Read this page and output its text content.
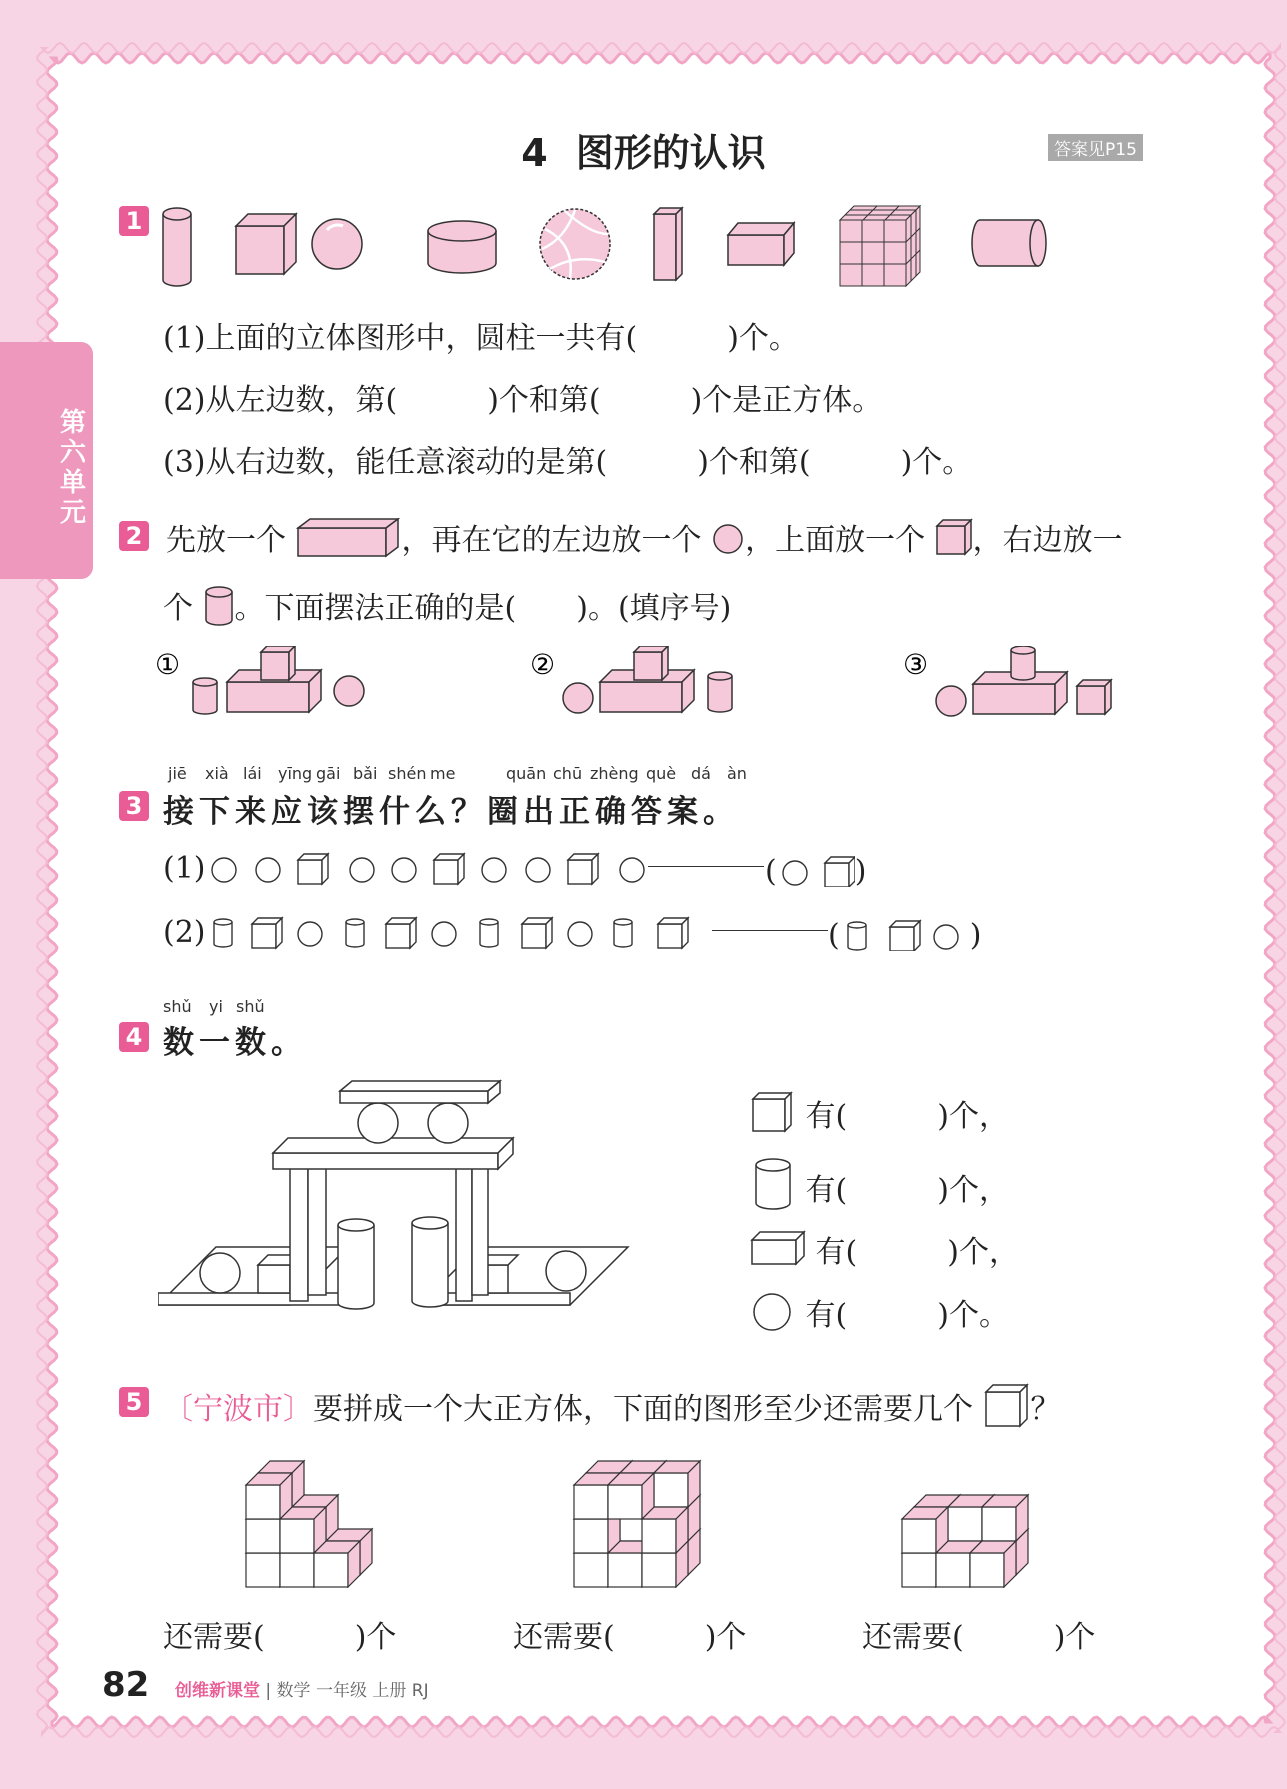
第六单元
4 图形的认识	答案见P15
1
(1)上面的立体图形中，圆柱一共有(　　　)个。
(2)从左边数，第(　　　)个和第(　　　)个是正方体。
(3)从右边数，能任意滚动的是第(　　　)个和第(　　　)个。
2 先放一个	，再在它的左边放一个 ，上面放一个 ，右边放一
个 。下面摆法正确的是(　　)。(填序号)
①	②	③
jiē xià lái yīng gāi bǎi shén me	quān chū zhèng què dá àn
3 接下来应该摆什么？圈出正确答案。
(1)	(	)
(2)	(	)
shǔ yi shǔ
4 数一数。
有(　　　)个，
有(　　　)个，
有(　　　)个，
有(　　　)个。
5 〔宁波市〕要拼成一个大正方体，下面的图形至少还需要几个 ？
还需要(　　　)个	还需要(　　　)个	还需要(　　　)个
82 创维新课堂 | 数学 一年级 上册 RJ
